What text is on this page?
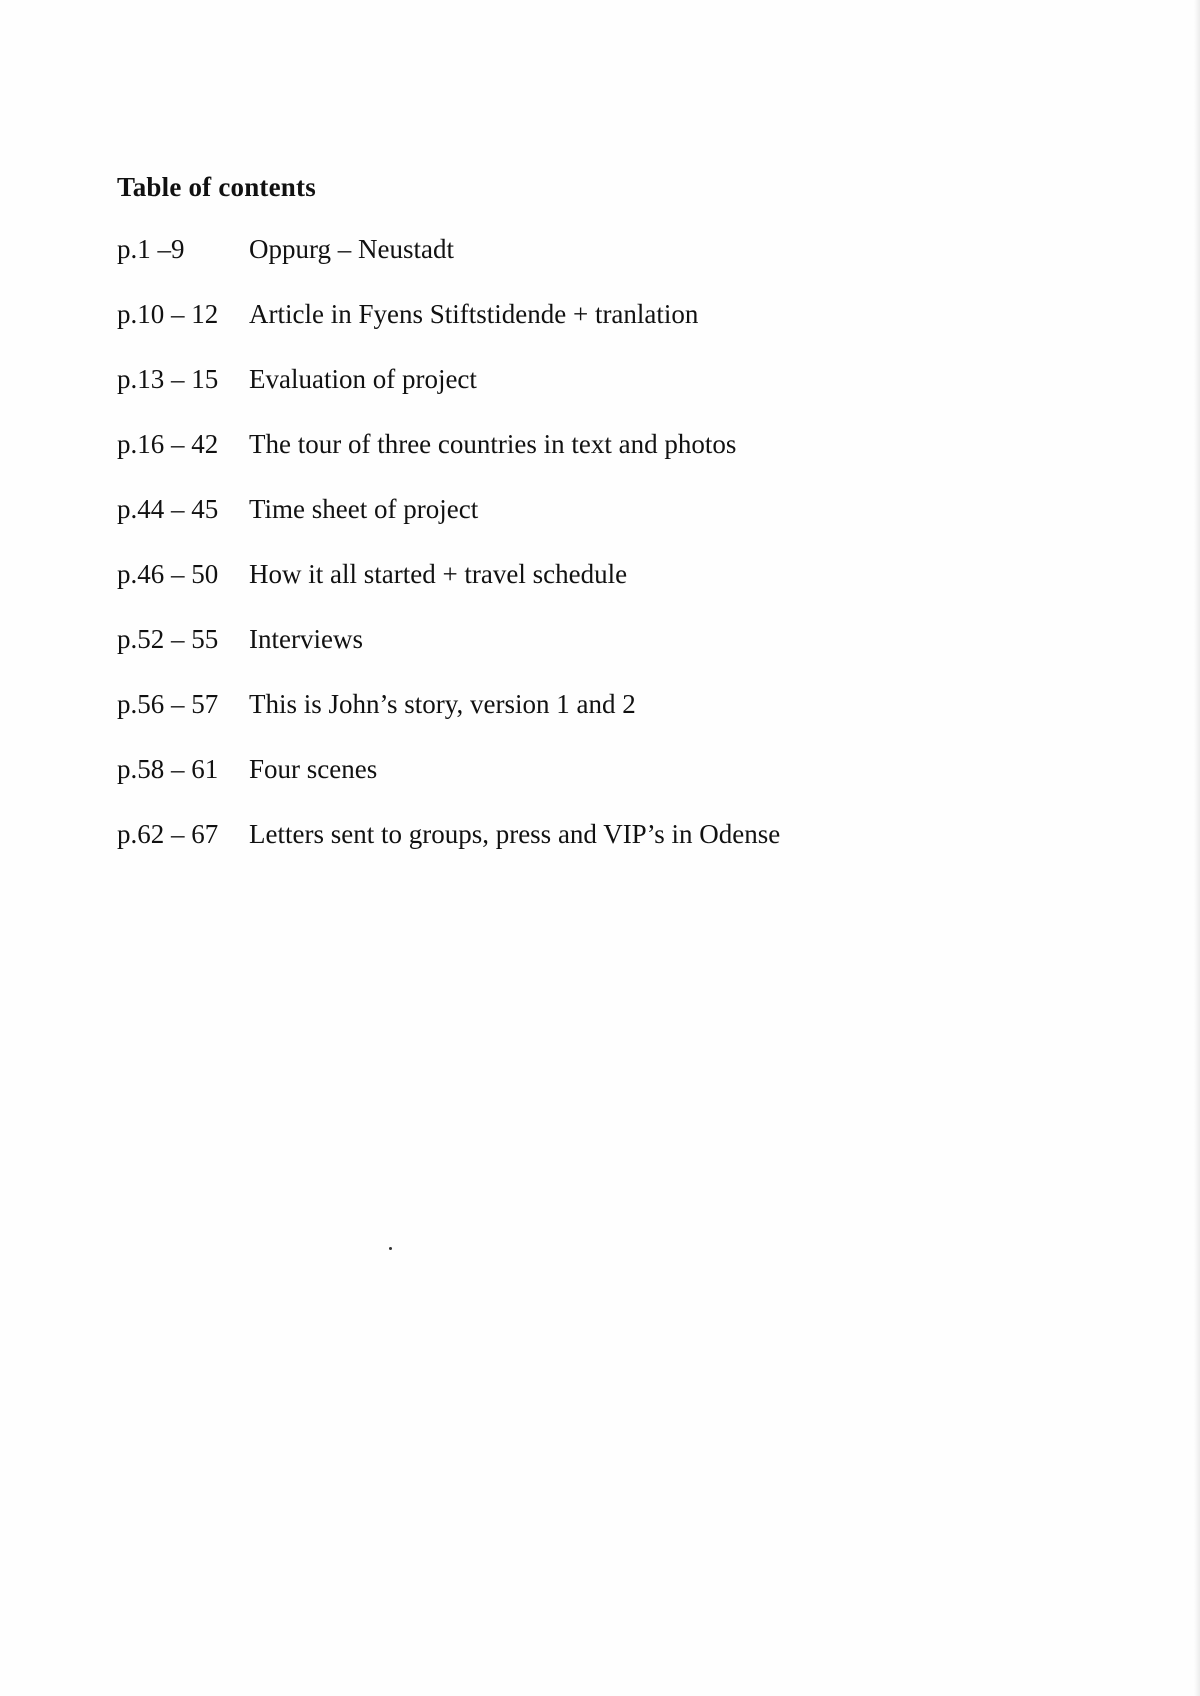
Table of contents
p.1 –9	Oppurg – Neustadt
p.10 – 12	Article in Fyens Stiftstidende + tranlation
p.13 – 15	Evaluation of project
p.16 – 42	The tour of three countries in text and photos
p.44 – 45	Time sheet of project
p.46 – 50	How it all started + travel schedule
p.52 – 55	Interviews
p.56 – 57	This is John’s story, version 1 and 2
p.58 – 61	Four scenes
p.62 – 67	Letters sent to groups, press and VIP’s in Odense
